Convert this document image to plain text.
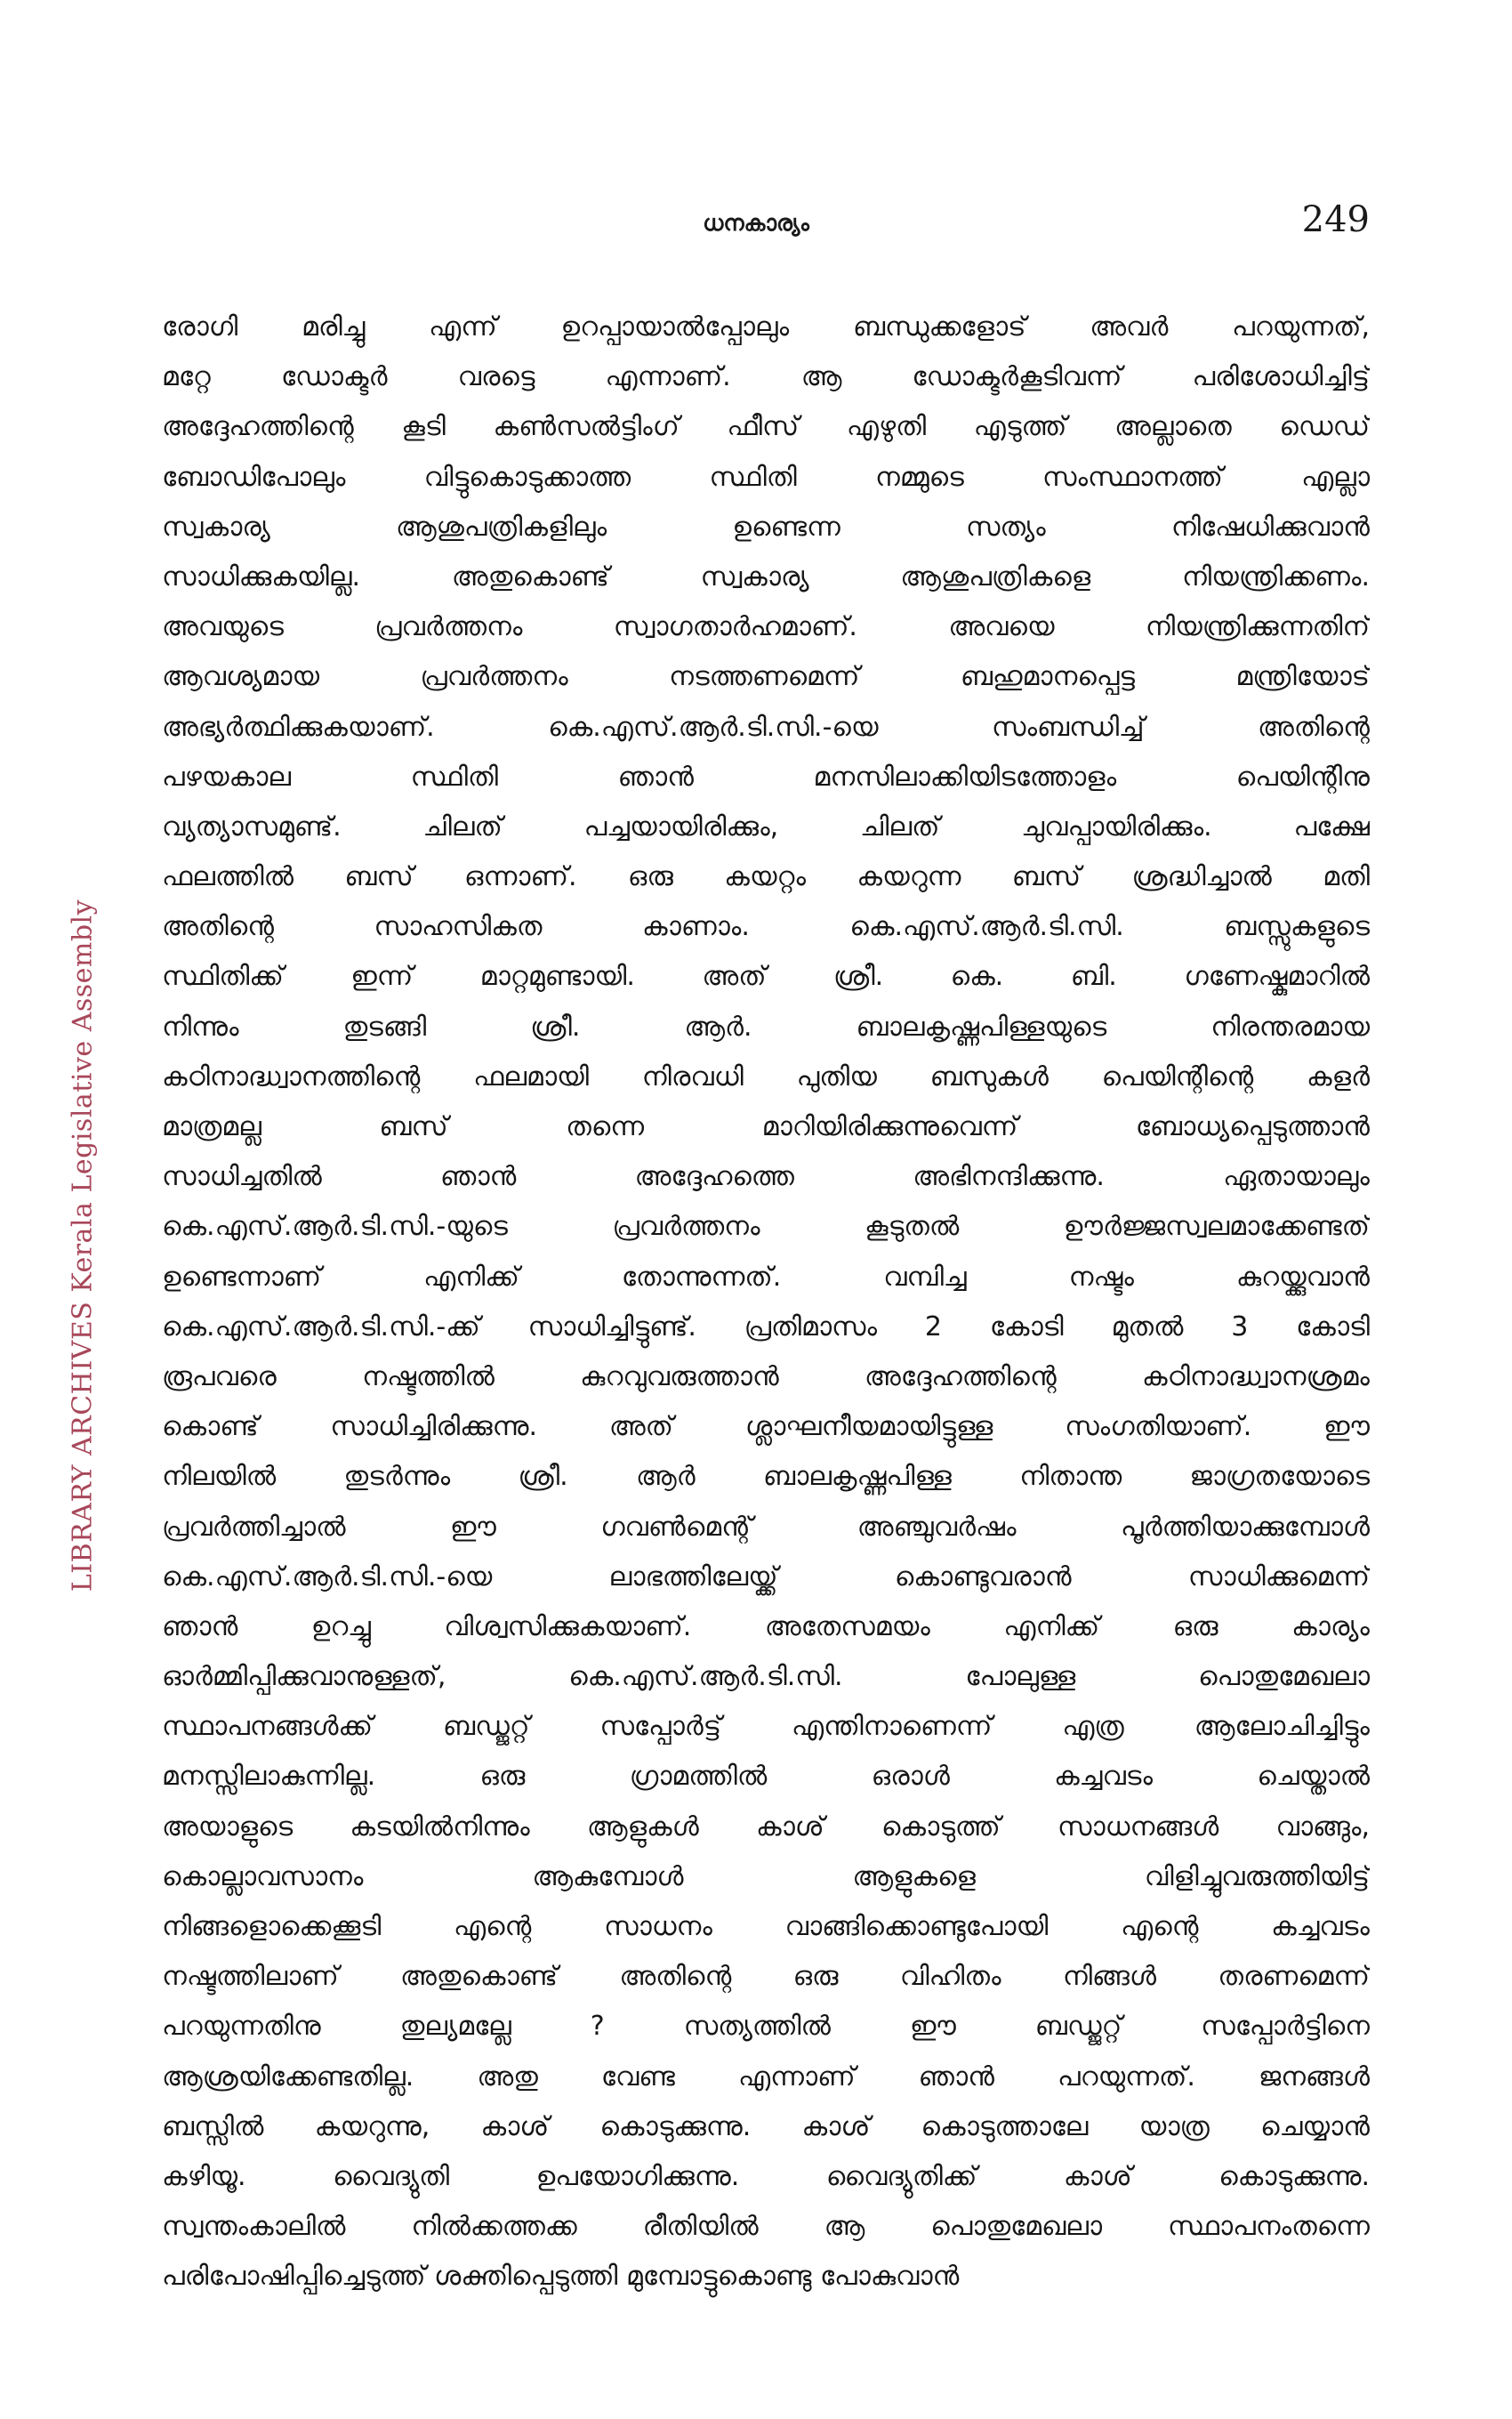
LIBRARY ARCHIVES Kerala Legislative Assembly
ധനകാര്യം	249
രോഗി മരിച്ചു എന്ന് ഉറപ്പായാൽപ്പോലും ബന്ധുക്കളോട് അവർ പറയുന്നത്,
മറ്റേ ഡോക്ടർ വരട്ടെ എന്നാണ്. ആ ഡോക്ടർകൂടിവന്ന് പരിശോധിച്ചിട്ട്
അദ്ദേഹത്തിന്റെ കൂടി കൺസൽട്ടിംഗ് ഫീസ് എഴുതി എടുത്ത് അല്ലാതെ ഡെഡ്
ബോഡിപോലും വിട്ടുകൊടുക്കാത്ത സ്ഥിതി നമ്മുടെ സംസ്ഥാനത്ത് എല്ലാ
സ്വകാര്യ ആശുപത്രികളിലും ഉണ്ടെന്ന സത്യം നിഷേധിക്കുവാൻ
സാധിക്കുകയില്ല. അതുകൊണ്ട് സ്വകാര്യ ആശുപത്രികളെ നിയന്ത്രിക്കണം.
അവയുടെ പ്രവർത്തനം സ്വാഗതാർഹമാണ്. അവയെ നിയന്ത്രിക്കുന്നതിന്
ആവശ്യമായ പ്രവർത്തനം നടത്തണമെന്ന് ബഹുമാനപ്പെട്ട മന്ത്രിയോട്
അഭ്യർത്ഥിക്കുകയാണ്. കെ.എസ്.ആർ.ടി.സി.-യെ സംബന്ധിച്ച് അതിന്റെ
പഴയകാല സ്ഥിതി ഞാൻ മനസിലാക്കിയിടത്തോളം പെയിന്റിനു
വ്യത്യാസമുണ്ട്. ചിലത് പച്ചയായിരിക്കും, ചിലത് ചുവപ്പായിരിക്കും. പക്ഷേ
ഫലത്തിൽ ബസ് ഒന്നാണ്. ഒരു കയറ്റം കയറുന്ന ബസ് ശ്രദ്ധിച്ചാൽ മതി
അതിന്റെ സാഹസികത കാണാം. കെ.എസ്.ആർ.ടി.സി. ബസ്സുകളുടെ
സ്ഥിതിക്ക് ഇന്ന് മാറ്റമുണ്ടായി. അത് ശ്രീ. കെ. ബി. ഗണേഷ്കുമാറിൽ
നിന്നും തുടങ്ങി ശ്രീ. ആർ. ബാലകൃഷ്ണപിള്ളയുടെ നിരന്തരമായ
കഠിനാദ്ധ്വാനത്തിന്റെ ഫലമായി നിരവധി പുതിയ ബസുകൾ പെയിന്റിന്റെ കളർ
മാത്രമല്ല ബസ് തന്നെ മാറിയിരിക്കുന്നുവെന്ന് ബോധ്യപ്പെടുത്താൻ
സാധിച്ചതിൽ ഞാൻ അദ്ദേഹത്തെ അഭിനന്ദിക്കുന്നു. ഏതായാലും
കെ.എസ്.ആർ.ടി.സി.-യുടെ പ്രവർത്തനം കൂടുതൽ ഊർജ്ജസ്വലമാക്കേണ്ടത്
ഉണ്ടെന്നാണ് എനിക്ക് തോന്നുന്നത്. വമ്പിച്ച നഷ്ടം കുറയ്ക്കുവാൻ
കെ.എസ്.ആർ.ടി.സി.-ക്ക് സാധിച്ചിട്ടുണ്ട്. പ്രതിമാസം 2 കോടി മുതൽ 3 കോടി
രൂപവരെ നഷ്ടത്തിൽ കുറവുവരുത്താൻ അദ്ദേഹത്തിന്റെ കഠിനാദ്ധ്വാനശ്രമം
കൊണ്ട് സാധിച്ചിരിക്കുന്നു. അത് ശ്ലാഘനീയമായിട്ടുള്ള സംഗതിയാണ്. ഈ
നിലയിൽ തുടർന്നും ശ്രീ. ആർ ബാലകൃഷ്ണപിള്ള നിതാന്ത ജാഗ്രതയോടെ
പ്രവർത്തിച്ചാൽ ഈ ഗവൺമെന്റ് അഞ്ചുവർഷം പൂർത്തിയാക്കുമ്പോൾ
കെ.എസ്.ആർ.ടി.സി.-യെ ലാഭത്തിലേയ്ക്ക് കൊണ്ടുവരാൻ സാധിക്കുമെന്ന്
ഞാൻ ഉറച്ചു വിശ്വസിക്കുകയാണ്. അതേസമയം എനിക്ക് ഒരു കാര്യം
ഓർമ്മിപ്പിക്കുവാനുള്ളത്, കെ.എസ്.ആർ.ടി.സി. പോലുള്ള പൊതുമേഖലാ
സ്ഥാപനങ്ങൾക്ക് ബഡ്ജറ്റ് സപ്പോർട്ട് എന്തിനാണെന്ന് എത്ര ആലോചിച്ചിട്ടും
മനസ്സിലാകുന്നില്ല. ഒരു ഗ്രാമത്തിൽ ഒരാൾ കച്ചവടം ചെയ്താൽ
അയാളുടെ കടയിൽനിന്നും ആളുകൾ കാശ് കൊടുത്ത് സാധനങ്ങൾ വാങ്ങും,
കൊല്ലാവസാനം ആകുമ്പോൾ ആളുകളെ വിളിച്ചുവരുത്തിയിട്ട്
നിങ്ങളൊക്കെക്കൂടി എന്റെ സാധനം വാങ്ങിക്കൊണ്ടുപോയി എന്റെ കച്ചവടം
നഷ്ടത്തിലാണ് അതുകൊണ്ട് അതിന്റെ ഒരു വിഹിതം നിങ്ങൾ തരണമെന്ന്
പറയുന്നതിനു തുല്യമല്ലേ ? സത്യത്തിൽ ഈ ബഡ്ജറ്റ് സപ്പോർട്ടിനെ
ആശ്രയിക്കേണ്ടതില്ല. അതു വേണ്ട എന്നാണ് ഞാൻ പറയുന്നത്. ജനങ്ങൾ
ബസ്സിൽ കയറുന്നു, കാശ് കൊടുക്കുന്നു. കാശ് കൊടുത്താലേ യാത്ര ചെയ്യാൻ
കഴിയൂ. വൈദ്യുതി ഉപയോഗിക്കുന്നു. വൈദ്യുതിക്ക് കാശ് കൊടുക്കുന്നു.
സ്വന്തംകാലിൽ നിൽക്കത്തക്ക രീതിയിൽ ആ പൊതുമേഖലാ സ്ഥാപനംതന്നെ
പരിപോഷിപ്പിച്ചെടുത്ത് ശക്തിപ്പെടുത്തി മുമ്പോട്ടുകൊണ്ടു പോകുവാൻ
